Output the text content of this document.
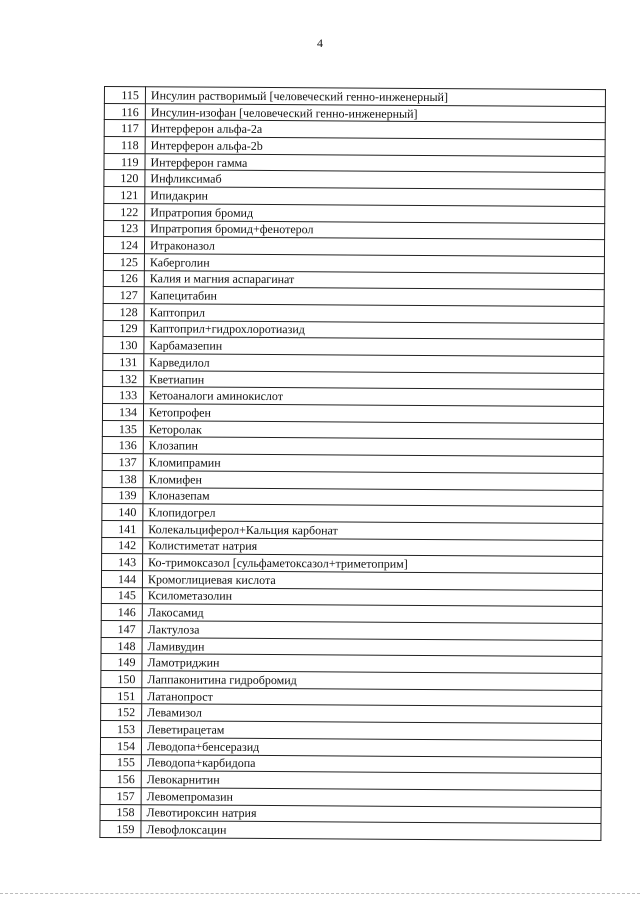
4
115	Инсулин растворимый [человеческий генно-инженерный]
116	Инсулин-изофан [человеческий генно-инженерный]
117	Интерферон альфа-2а
118	Интерферон альфа-2b
119	Интерферон гамма
120	Инфликсимаб
121	Ипидакрин
122	Ипратропия бромид
123	Ипратропия бромид+фенотерол
124	Итраконазол
125	Каберголин
126	Калия и магния аспарагинат
127	Капецитабин
128	Каптоприл
129	Каптоприл+гидрохлоротиазид
130	Карбамазепин
131	Карведилол
132	Кветиапин
133	Кетоаналоги аминокислот
134	Кетопрофен
135	Кеторолак
136	Клозапин
137	Кломипрамин
138	Кломифен
139	Клоназепам
140	Клопидогрел
141	Колекальциферол+Кальция карбонат
142	Колистиметат натрия
143	Ко-тримоксазол [сульфаметоксазол+триметоприм]
144	Кромоглициевая кислота
145	Ксилометазолин
146	Лакосамид
147	Лактулоза
148	Ламивудин
149	Ламотриджин
150	Лаппаконитина гидробромид
151	Латанопрост
152	Левамизол
153	Леветирацетам
154	Леводопа+бенсеразид
155	Леводопа+карбидопа
156	Левокарнитин
157	Левомепромазин
158	Левотироксин натрия
159	Левофлоксацин
